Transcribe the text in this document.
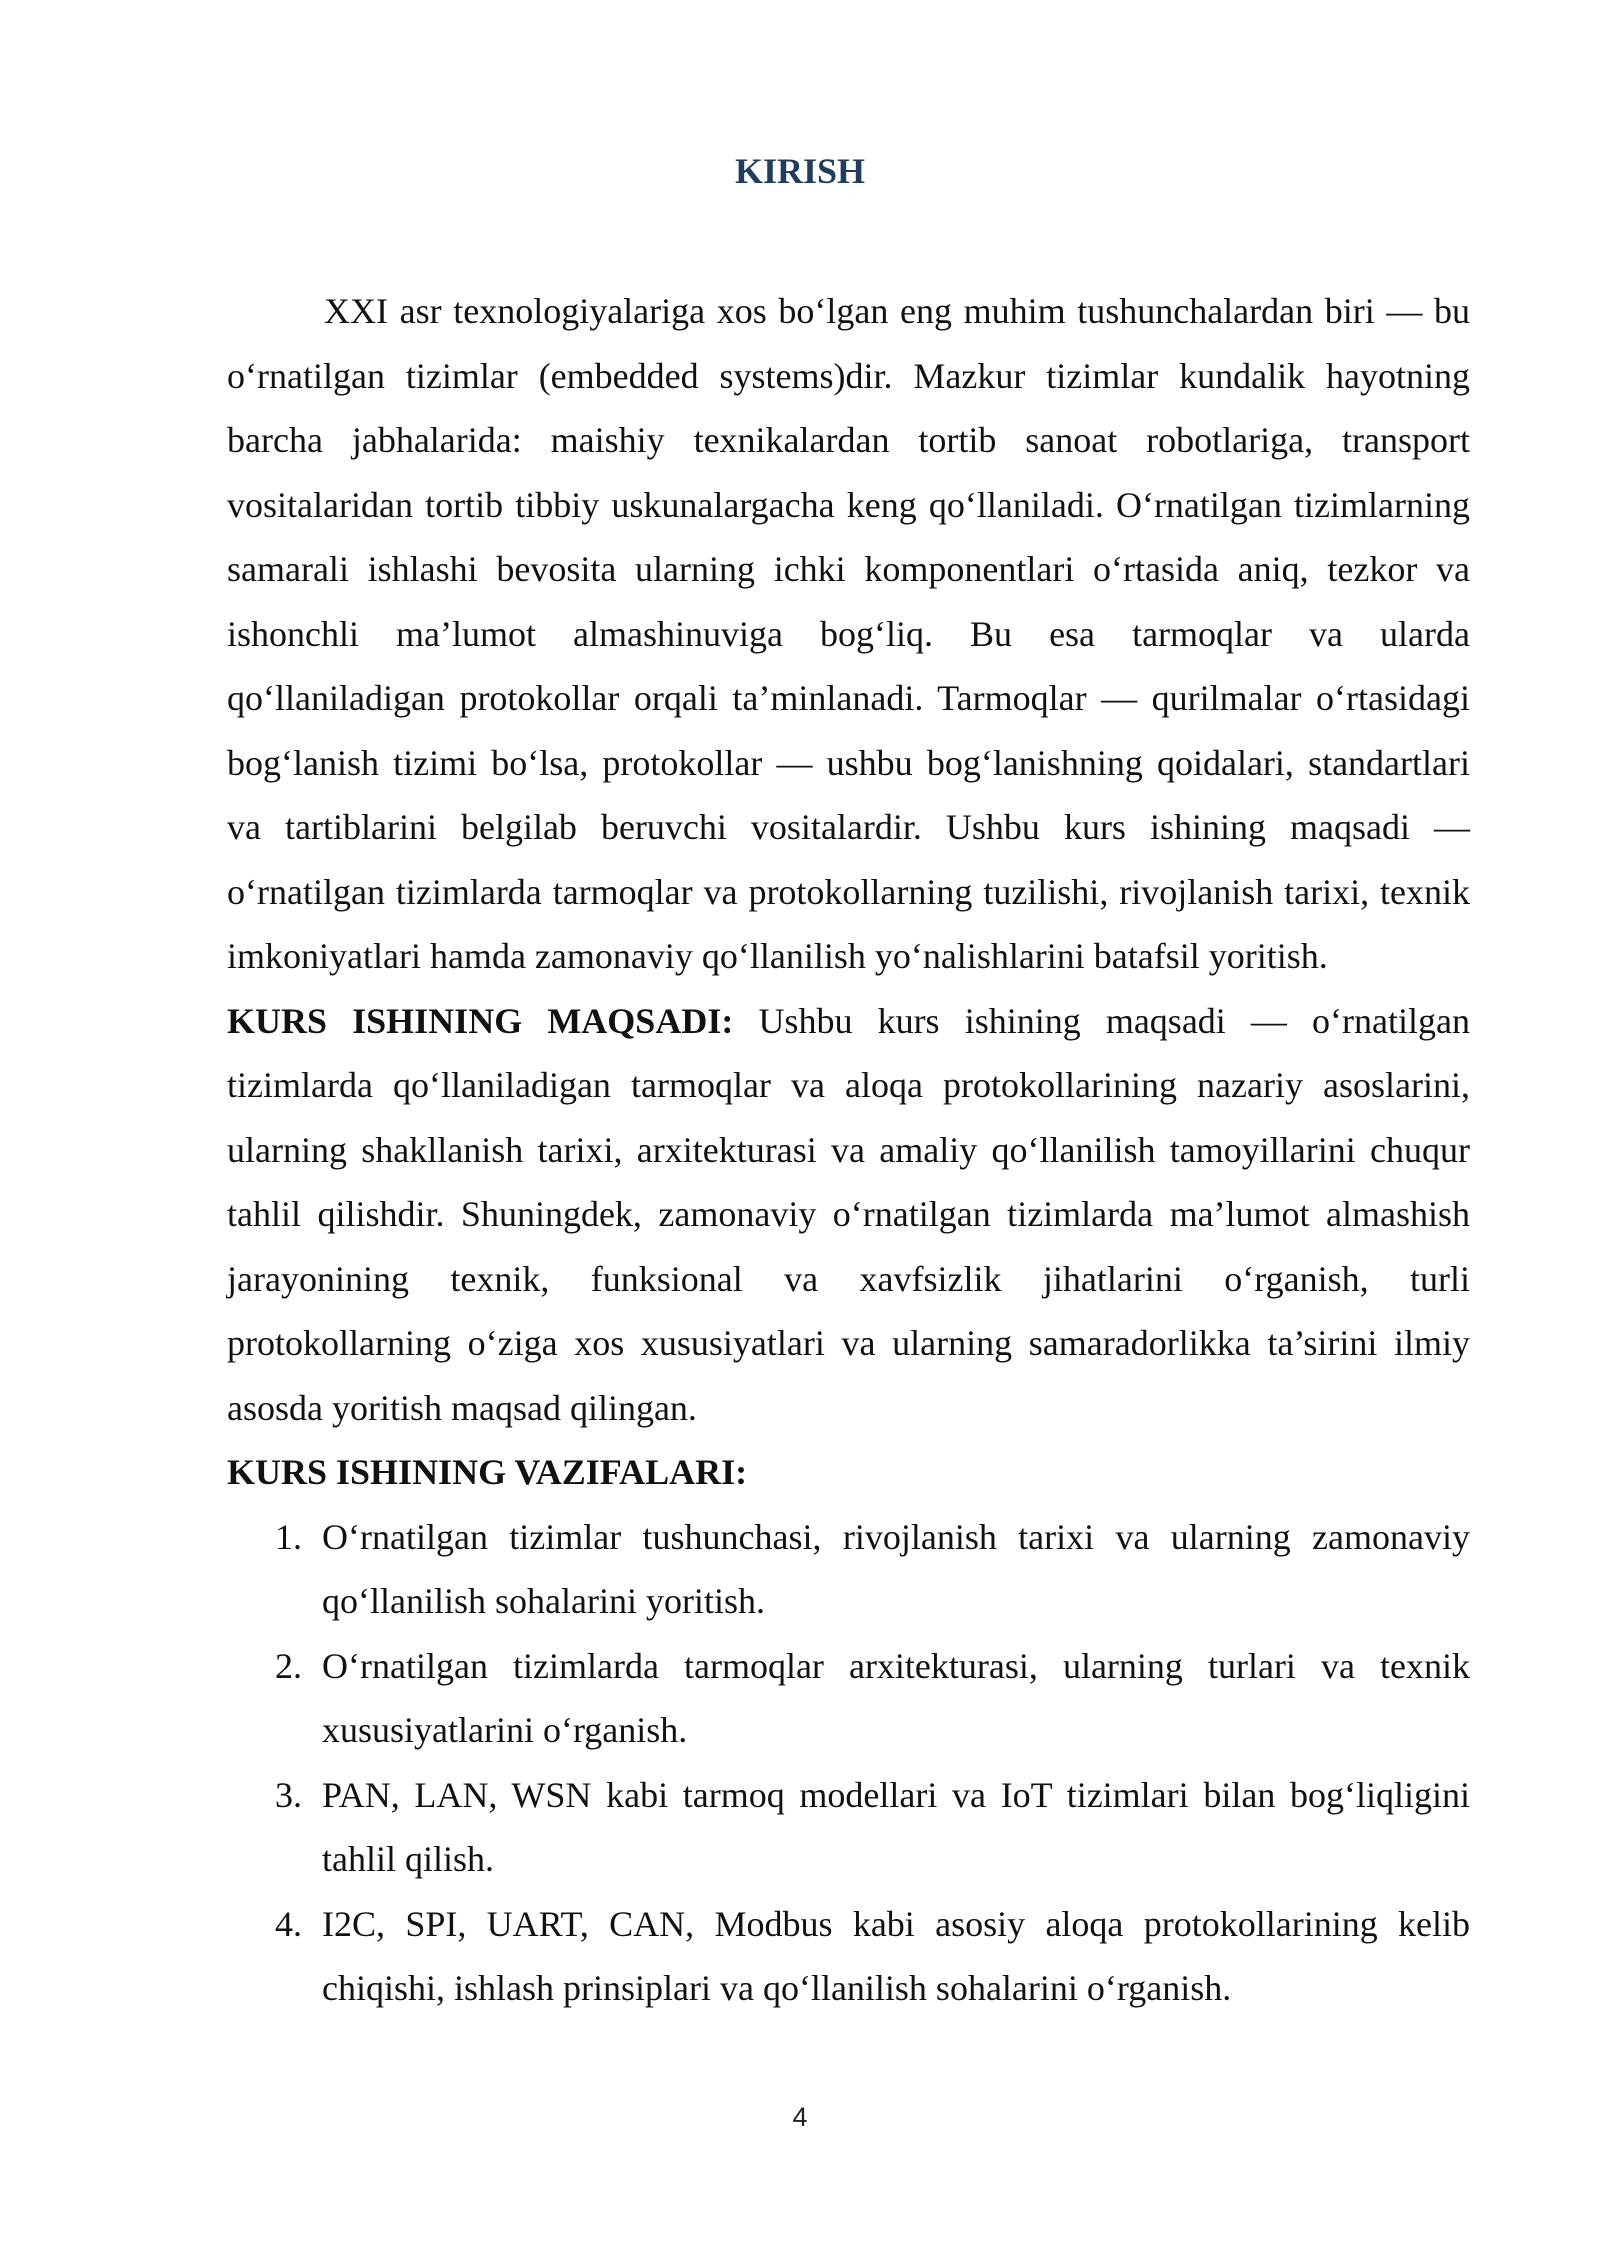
KIRISH

XXI asr texnologiyalariga xos boʻlgan eng muhim tushunchalardan biri — bu oʻrnatilgan tizimlar (embedded systems)dir. Mazkur tizimlar kundalik hayotning barcha jabhalarida: maishiy texnikalardan tortib sanoat robotlariga, transport vositalaridan tortib tibbiy uskunalargacha keng qoʻllaniladi. Oʻrnatilgan tizimlarning samarali ishlashi bevosita ularning ichki komponentlari oʻrtasida aniq, tezkor va ishonchli ma’lumot almashinuviga bogʻliq. Bu esa tarmoqlar va ularda qoʻllaniladigan protokollar orqali ta’minlanadi. Tarmoqlar — qurilmalar oʻrtasidagi bogʻlanish tizimi boʻlsa, protokollar — ushbu bogʻlanishning qoidalari, standartlari va tartiblarini belgilab beruvchi vositalardir. Ushbu kurs ishining maqsadi — oʻrnatilgan tizimlarda tarmoqlar va protokollarning tuzilishi, rivojlanish tarixi, texnik imkoniyatlari hamda zamonaviy qoʻllanilish yoʻnalishlarini batafsil yoritish.

KURS ISHINING MAQSADI: Ushbu kurs ishining maqsadi — oʻrnatilgan tizimlarda qoʻllaniladigan tarmoqlar va aloqa protokollarining nazariy asoslarini, ularning shakllanish tarixi, arxitekturasi va amaliy qoʻllanilish tamoyillarini chuqur tahlil qilishdir. Shuningdek, zamonaviy oʻrnatilgan tizimlarda ma’lumot almashish jarayonining texnik, funksional va xavfsizlik jihatlarini oʻrganish, turli protokollarning oʻziga xos xususiyatlari va ularning samaradorlikka ta’sirini ilmiy asosda yoritish maqsad qilingan.

KURS ISHINING VAZIFALARI:

1. Oʻrnatilgan tizimlar tushunchasi, rivojlanish tarixi va ularning zamonaviy qoʻllanilish sohalarini yoritish.
2. Oʻrnatilgan tizimlarda tarmoqlar arxitekturasi, ularning turlari va texnik xususiyatlarini oʻrganish.
3. PAN, LAN, WSN kabi tarmoq modellari va IoT tizimlari bilan bogʻliqligini tahlil qilish.
4. I2C, SPI, UART, CAN, Modbus kabi asosiy aloqa protokollarining kelib chiqishi, ishlash prinsiplari va qoʻllanilish sohalarini oʻrganish.
4
